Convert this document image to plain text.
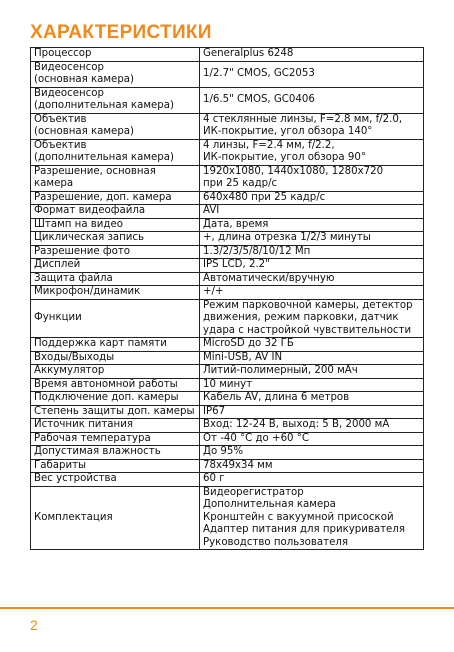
ХАРАКТЕРИСТИКИ
Процессор	Generalplus 6248

Видеосенсор
(основная камера)	1/2.7" CMOS, GC2053

Видеосенсор
(дополнительная камера)	1/6.5" CMOS, GC0406

Объектив
(основная камера)	4 стеклянные линзы, F=2.8 мм, f/2.0,
ИК-покрытие, угол обзора 140°

Объектив
(дополнительная камера)	4 линзы, F=2.4 мм, f/2.2,
ИК-покрытие, угол обзора 90°

Разрешение, основная
камера	1920x1080, 1440x1080, 1280x720
при 25 кадр/с

Разрешение, доп. камера	640x480 при 25 кадр/с

Формат видеофайла	AVI

Штамп на видео	Дата, время

Циклическая запись	+, длина отрезка 1/2/3 минуты

Разрешение фото	1.3/2/3/5/8/10/12 Мп

Дисплей	IPS LCD, 2.2"

Защита файла	Автоматически/вручную

Микрофон/динамик	+/+

Функции	Режим парковочной камеры, детектор
движения, режим парковки, датчик
удара с настройкой чувствительности

Поддержка карт памяти	MicroSD до 32 ГБ

Входы/Выходы	Mini-USB, AV IN

Аккумулятор	Литий-полимерный, 200 мАч

Время автономной работы	10 минут

Подключение доп. камеры	Кабель AV, длина 6 метров

Степень защиты доп. камеры	IP67

Источник питания	Вход: 12-24 В, выход: 5 В, 2000 мА

Рабочая температура	От -40 °С до +60 °С

Допустимая влажность	До 95%

Габариты	78x49x34 мм

Вес устройства	60 г

Комплектация	Видеорегистратор
Дополнительная камера
Кронштейн с вакуумной присоской
Адаптер питания для прикуривателя
Руководство пользователя
2
